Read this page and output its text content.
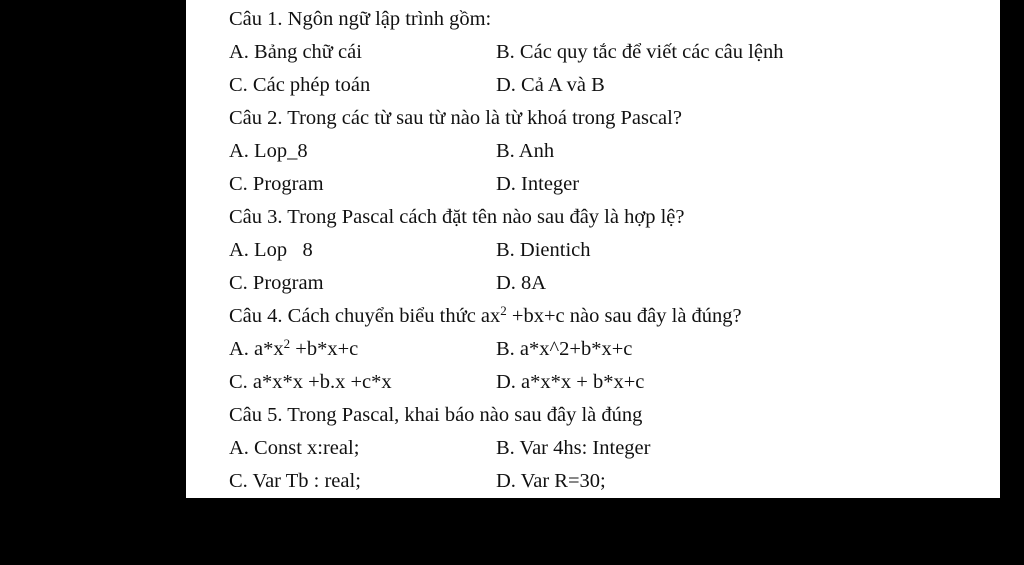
Câu 1. Ngôn ngữ lập trình gồm:

A. Bảng chữ cái

	B. Các quy tắc để viết các câu lệnh

C. Các phép toán

	D. Cả A và B

Câu 2. Trong các từ sau từ nào là từ khoá trong Pascal?

A. Lop_8

	B. Anh

C. Program

	D. Integer

Câu 3. Trong Pascal cách đặt tên nào sau đây là hợp lệ?

A. Lop   8

	B. Dientich

C. Program

	D. 8A

Câu 4. Cách chuyển biểu thức $ax^2 +bx+c$ nào sau đây là đúng?

A. $a*x^2 +b*x+c$

	B. a*x^2+b*x+c

C. a*x*x +b.x +c*x

	D. a*x*x + b*x+c

Câu 5. Trong Pascal, khai báo nào sau đây là đúng

A. Const x:real;

	B. Var 4hs: Integer

C. Var Tb : real;

	D. Var R=30;
